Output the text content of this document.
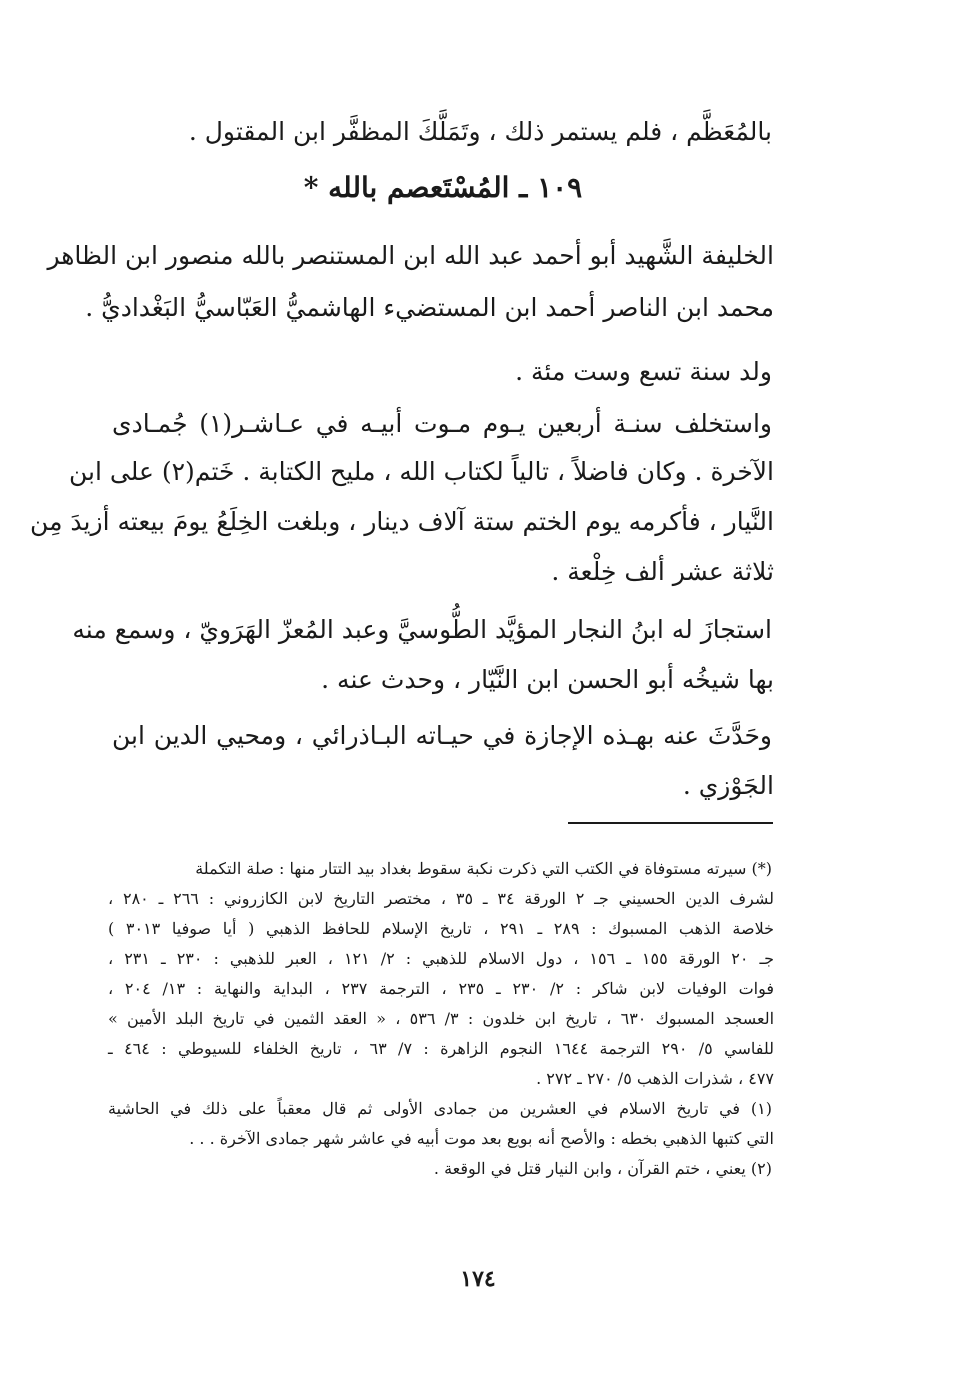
بالمُعَظَّم ، فلم يستمر ذلك ، وتَمَلَّكَ المظفَّر ابن المقتول .
١٠٩ ـ المُسْتَعصم بالله *
الخليفة الشَّهيد أبو أحمد عبد الله ابن المستنصر بالله منصور ابن الظاهر
محمد ابن الناصر أحمد ابن المستضيء الهاشميُّ العَبّاسيُّ البَغْداديُّ .
ولد سنة تسع وست مئة .
واستخلف سنـة أربعين يـوم مـوت أبيـه في عـاشـر(١) جُمـادى
الآخرة . وكان فاضلاً ، تالياً لكتاب الله ، مليح الكتابة . خَتم(٢) على ابن
النَّيار ، فأكرمه يوم الختم ستة آلاف دينار ، وبلغت الخِلَعُ يومَ بيعته أزيدَ مِن
ثلاثة عشر ألف خِلْعة .
استجازَ له ابنُ النجار المؤيَّد الطُّوسيَّ وعبد المُعزّ الهَرَويّ ، وسمع منه
بها شيخُه أبو الحسن ابن النَّيّار ، وحدث عنه .
وحَدَّثَ عنه بهـذه الإجازة في حيـاته البـاذرائي ، ومحيي الدين ابن
الجَوْزي .
(*) سيرته مستوفاة في الكتب التي ذكرت نكبة سقوط بغداد بيد التتار منها : صلة التكملة
لشرف الدين الحسيني جـ ٢ الورقة ٣٤ ـ ٣٥ ، مختصر التاريخ لابن الكازروني : ٢٦٦ ـ ٢٨٠ ،
خلاصة الذهب المسبوك : ٢٨٩ ـ ٢٩١ ، تاريخ الإسلام للحافظ الذهبي ( أيا صوفيا ٣٠١٣ )
جـ ٢٠ الورقة ١٥٥ ـ ١٥٦ ، دول الاسلام للذهبي : ٢/ ١٢١ ، العبر للذهبي : ٢٣٠ ـ ٢٣١ ،
فوات الوفيات لابن شاكر : ٢/ ٢٣٠ ـ ٢٣٥ ، الترجمة ٢٣٧ ، البداية والنهاية : ١٣/ ٢٠٤ ،
العسجد المسبوك ٦٣٠ ، تاريخ ابن خلدون : ٣/ ٥٣٦ ، « العقد الثمين في تاريخ البلد الأمين »
للفاسي ٥/ ٢٩٠ الترجمة ١٦٤٤ النجوم الزاهرة : ٧/ ٦٣ ، تاريخ الخلفاء للسيوطي : ٤٦٤ ـ
٤٧٧ ، شذرات الذهب ٥/ ٢٧٠ ـ ٢٧٢ .
(١) في تاريخ الاسلام في العشرين من جمادى الأولى ثم قال معقباً على ذلك في الحاشية
التي كتبها الذهبي بخطه : والأصح أنه بويع بعد موت أبيه في عاشر شهر جمادى الآخرة . . .
(٢) يعني ، ختم القرآن ، وابن النيار قتل في الوقعة .
١٧٤
